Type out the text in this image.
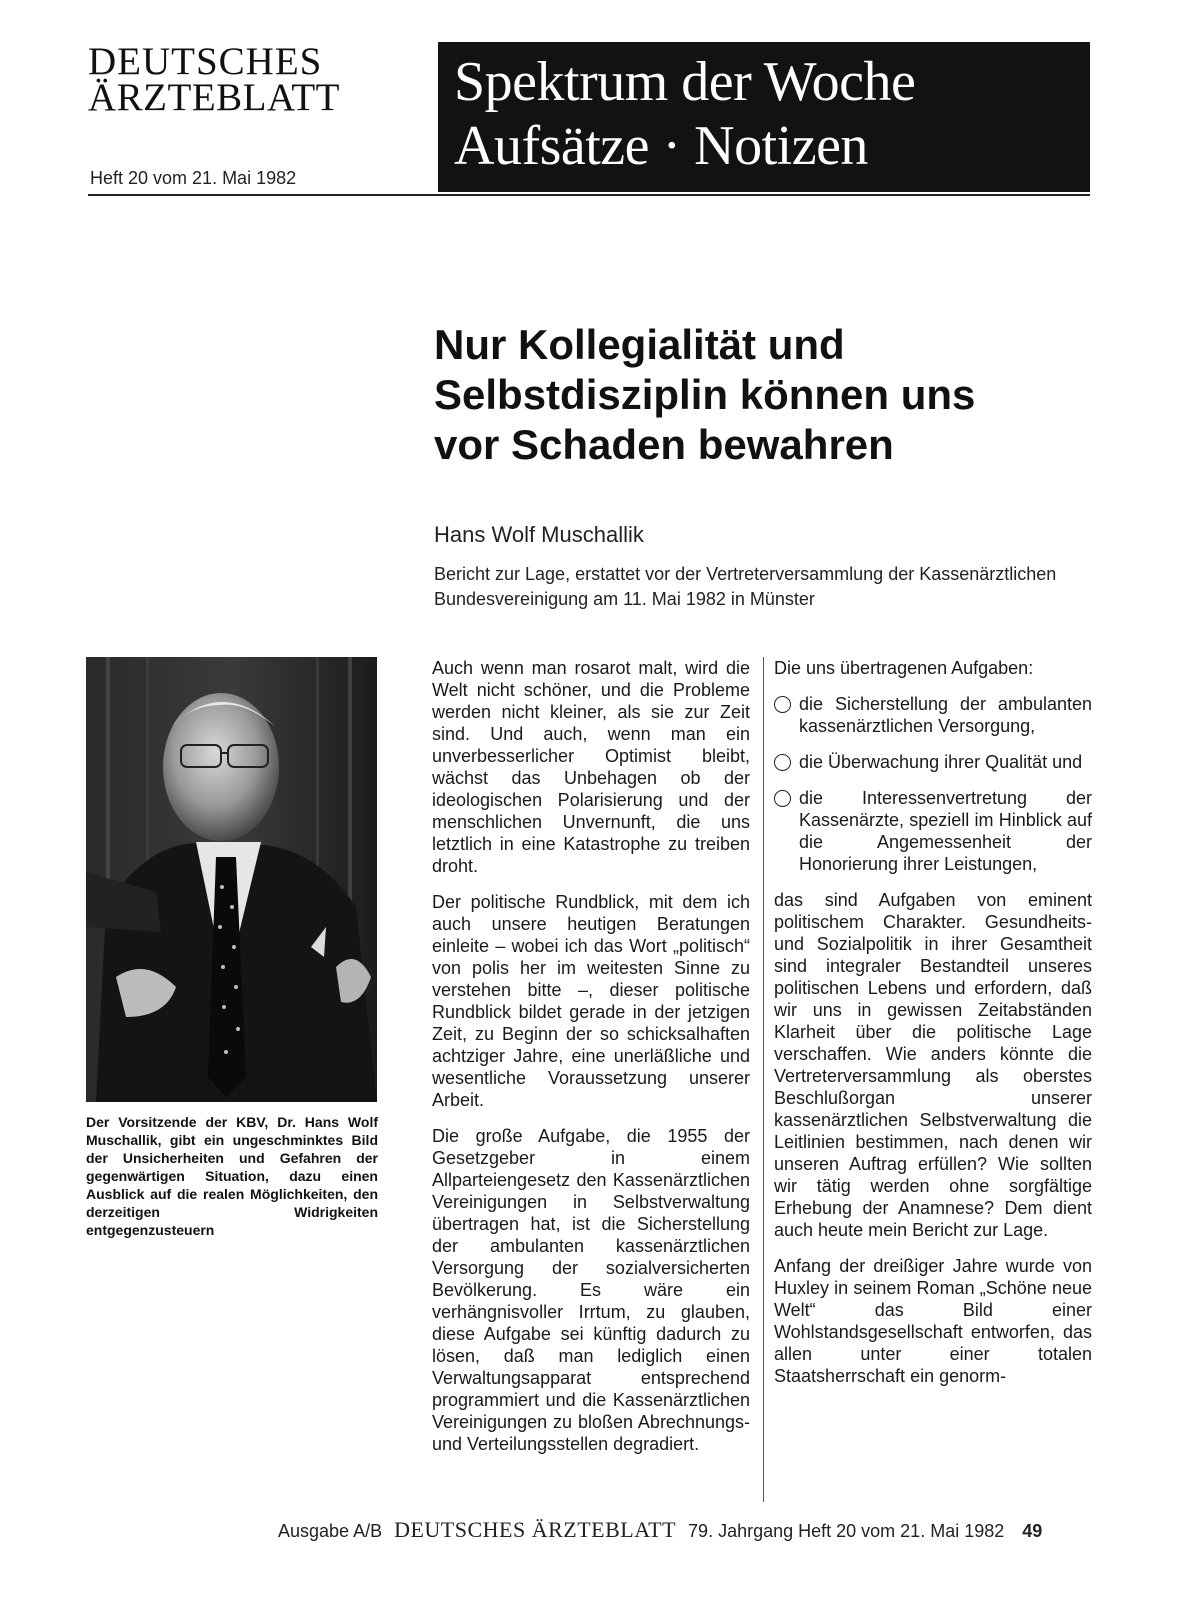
DEUTSCHES
ÄRZTEBLATT
Heft 20 vom 21. Mai 1982
Spektrum der Woche
Aufsätze · Notizen
Nur Kollegialität und
Selbstdisziplin können uns
vor Schaden bewahren
Hans Wolf Muschallik
Bericht zur Lage, erstattet vor der Vertreterversammlung der Kassenärztlichen Bundesvereinigung am 11. Mai 1982 in Münster
Der Vorsitzende der KBV, Dr. Hans Wolf Muschallik, gibt ein ungeschminktes Bild der Unsicherheiten und Gefahren der gegenwärtigen Situation, dazu einen Ausblick auf die realen Möglichkeiten, den derzeitigen Widrigkeiten entgegenzusteuern

Auch wenn man rosarot malt, wird die Welt nicht schöner, und die Probleme werden nicht kleiner, als sie zur Zeit sind. Und auch, wenn man ein unverbesserlicher Optimist bleibt, wächst das Unbehagen ob der ideologischen Polarisierung und der menschlichen Unvernunft, die uns letztlich in eine Katastrophe zu treiben droht.

Der politische Rundblick, mit dem ich auch unsere heutigen Beratungen einleite – wobei ich das Wort „politisch“ von polis her im weitesten Sinne zu verstehen bitte –, dieser politische Rundblick bildet gerade in der jetzigen Zeit, zu Beginn der so schicksalhaften achtziger Jahre, eine unerläßliche und wesentliche Voraussetzung unserer Arbeit.

Die große Aufgabe, die 1955 der Gesetzgeber in einem Allparteiengesetz den Kassenärztlichen Vereinigungen in Selbstverwaltung übertragen hat, ist die Sicherstellung der ambulanten kassenärztlichen Versorgung der sozialversicherten Bevölkerung. Es wäre ein verhängnisvoller Irrtum, zu glauben, diese Aufgabe sei künftig dadurch zu lösen, daß man lediglich einen Verwaltungsapparat entsprechend programmiert und die Kassenärztlichen Vereinigungen zu bloßen Abrechnungs- und Verteilungsstellen degradiert.

Die uns übertragenen Aufgaben:

die Sicherstellung der ambulanten kassenärztlichen Versorgung,
die Überwachung ihrer Qualität und
die Interessenvertretung der Kassenärzte, speziell im Hinblick auf die Angemessenheit der Honorierung ihrer Leistungen,

das sind Aufgaben von eminent politischem Charakter. Gesundheits- und Sozialpolitik in ihrer Gesamtheit sind integraler Bestandteil unseres politischen Lebens und erfordern, daß wir uns in gewissen Zeitabständen Klarheit über die politische Lage verschaffen. Wie anders könnte die Vertreterversammlung als oberstes Beschlußorgan unserer kassenärztlichen Selbstverwaltung die Leitlinien bestimmen, nach denen wir unseren Auftrag erfüllen? Wie sollten wir tätig werden ohne sorgfältige Erhebung der Anamnese? Dem dient auch heute mein Bericht zur Lage.

Anfang der dreißiger Jahre wurde von Huxley in seinem Roman „Schöne neue Welt“ das Bild einer Wohlstandsgesellschaft entworfen, das allen unter einer totalen Staatsherrschaft ein genorm-

Ausgabe A/B DEUTSCHES ÄRZTEBLATT 79. Jahrgang Heft 20 vom 21. Mai 1982 49
